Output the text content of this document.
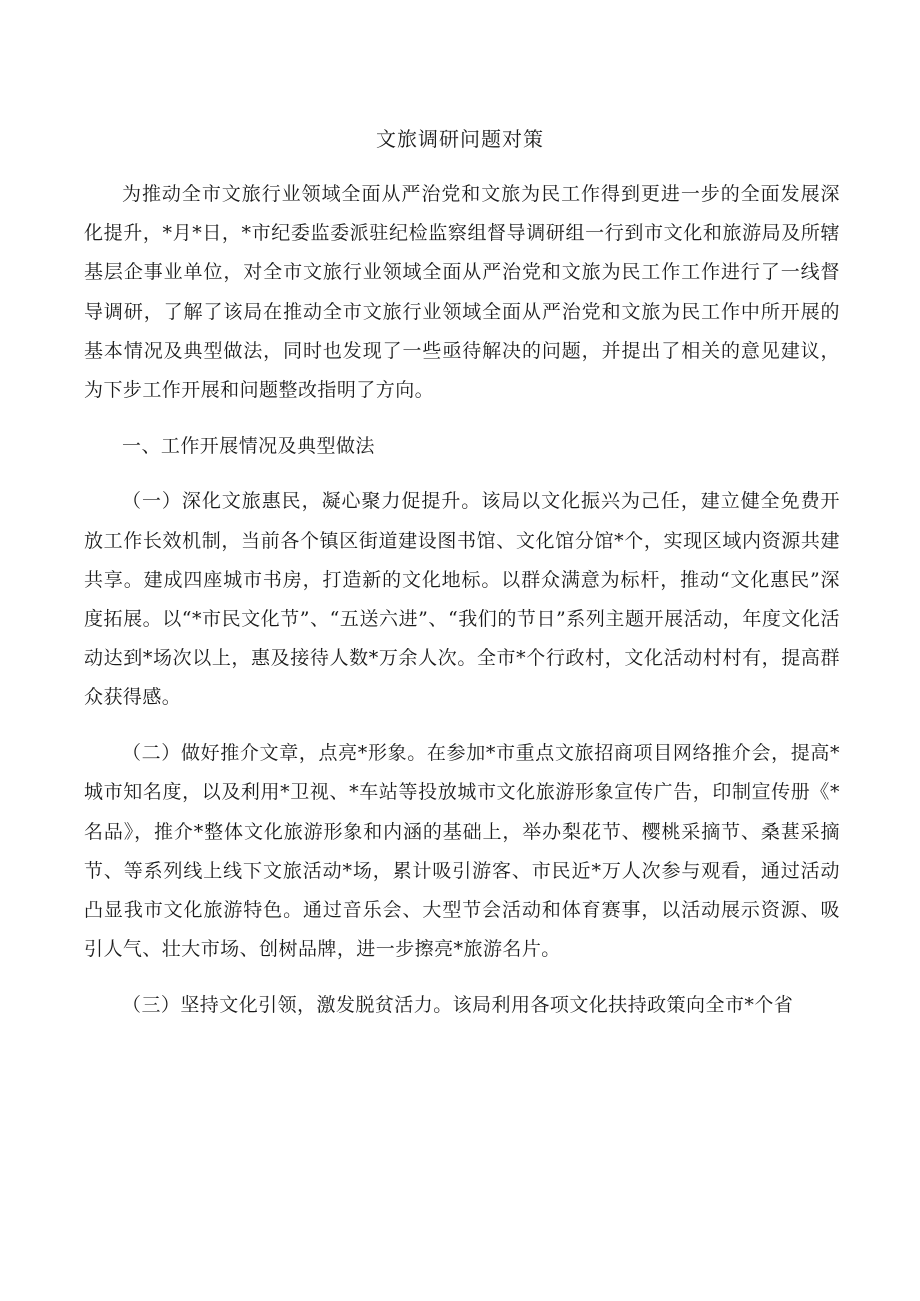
文旅调研问题对策

为推动全市文旅行业领域全面从严治党和文旅为民工作得到更进一步的全面发展深化提升，*月*日，*市纪委监委派驻纪检监察组督导调研组一行到市文化和旅游局及所辖基层企事业单位，对全市文旅行业领域全面从严治党和文旅为民工作工作进行了一线督导调研，了解了该局在推动全市文旅行业领域全面从严治党和文旅为民工作中所开展的基本情况及典型做法，同时也发现了一些亟待解决的问题，并提出了相关的意见建议，为下步工作开展和问题整改指明了方向。

一、工作开展情况及典型做法

（一）深化文旅惠民，凝心聚力促提升。该局以文化振兴为己任，建立健全免费开放工作长效机制，当前各个镇区街道建设图书馆、文化馆分馆*个，实现区域内资源共建共享。建成四座城市书房，打造新的文化地标。以群众满意为标杆，推动“文化惠民”深度拓展。以“*市民文化节”、“五送六进”、“我们的节日”系列主题开展活动，年度文化活动达到*场次以上，惠及接待人数*万余人次。全市*个行政村，文化活动村村有，提高群众获得感。

（二）做好推介文章，点亮*形象。在参加*市重点文旅招商项目网络推介会，提高*城市知名度，以及利用*卫视、*车站等投放城市文化旅游形象宣传广告，印制宣传册《*名品》，推介*整体文化旅游形象和内涵的基础上，举办梨花节、樱桃采摘节、桑葚采摘节、等系列线上线下文旅活动*场，累计吸引游客、市民近*万人次参与观看，通过活动凸显我市文化旅游特色。通过音乐会、大型节会活动和体育赛事，以活动展示资源、吸引人气、壮大市场、创树品牌，进一步擦亮*旅游名片。

（三）坚持文化引领，激发脱贫活力。该局利用各项文化扶持政策向全市*个省
